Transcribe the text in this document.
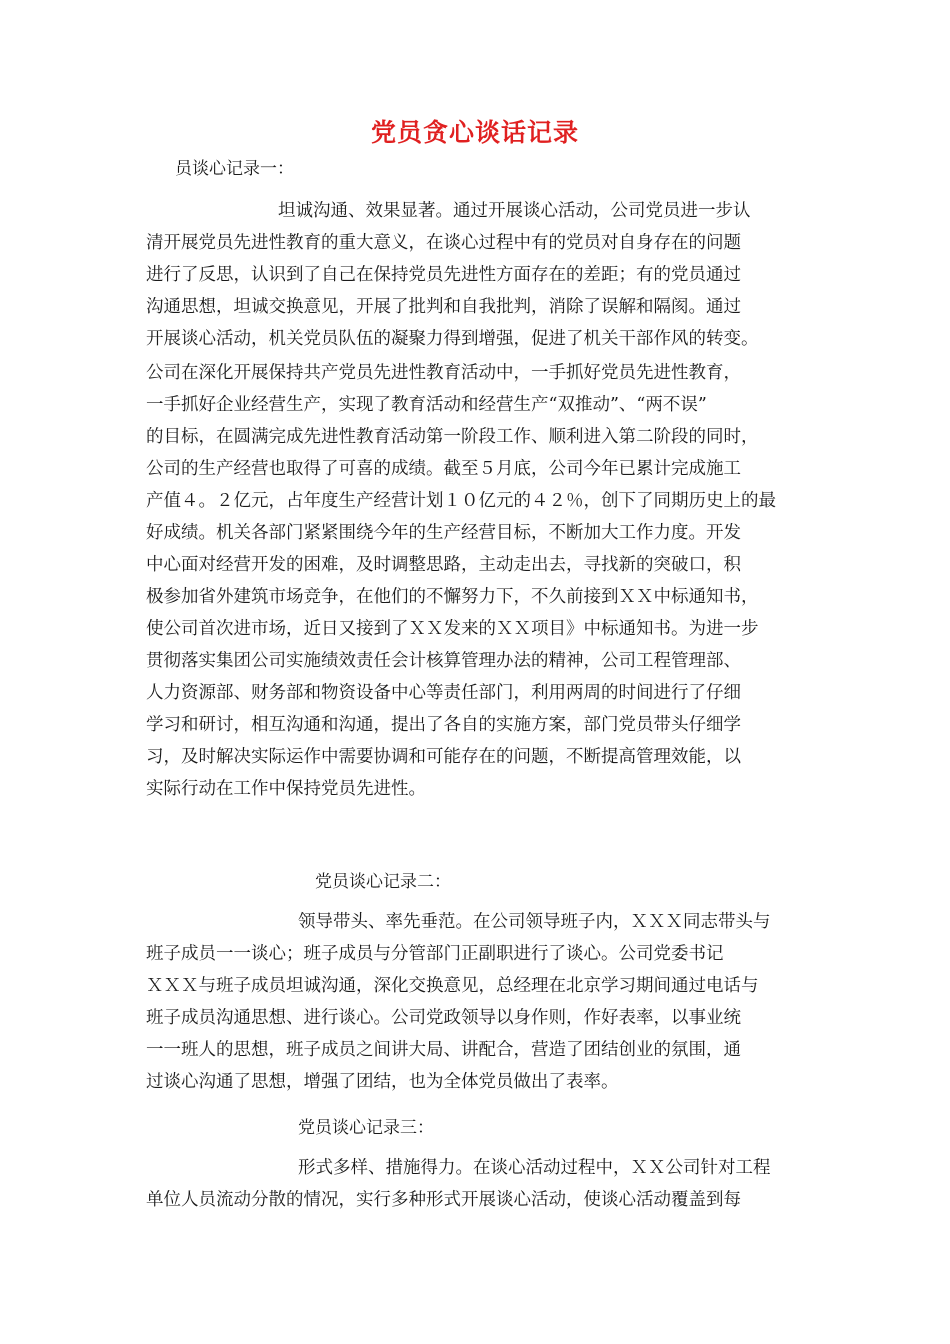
党员贪心谈话记录
员谈心记录一：
坦诚沟通、效果显著。通过开展谈心活动，公司党员进一步认
清开展党员先进性教育的重大意义，在谈心过程中有的党员对自身存在的问题
进行了反思，认识到了自己在保持党员先进性方面存在的差距；有的党员通过
沟通思想，坦诚交换意见，开展了批判和自我批判，消除了误解和隔阂。通过
开展谈心活动，机关党员队伍的凝聚力得到增强，促进了机关干部作风的转变。
公司在深化开展保持共产党员先进性教育活动中，一手抓好党员先进性教育，
一手抓好企业经营生产，实现了教育活动和经营生产“双推动”、“两不误”
的目标，在圆满完成先进性教育活动第一阶段工作、顺利进入第二阶段的同时，
公司的生产经营也取得了可喜的成绩。截至５月底，公司今年已累计完成施工
产值４。２亿元，占年度生产经营计划１０亿元的４２％，创下了同期历史上的最
好成绩。机关各部门紧紧围绕今年的生产经营目标，不断加大工作力度。开发
中心面对经营开发的困难，及时调整思路，主动走出去，寻找新的突破口，积
极参加省外建筑市场竞争，在他们的不懈努力下，不久前接到ＸＸ中标通知书，
使公司首次进市场，近日又接到了ＸＸ发来的ＸＸ项目》中标通知书。为进一步
贯彻落实集团公司实施绩效责任会计核算管理办法的精神，公司工程管理部、
人力资源部、财务部和物资设备中心等责任部门，利用两周的时间进行了仔细
学习和研讨，相互沟通和沟通，提出了各自的实施方案，部门党员带头仔细学
习，及时解决实际运作中需要协调和可能存在的问题，不断提高管理效能，以
实际行动在工作中保持党员先进性。
党员谈心记录二：
领导带头、率先垂范。在公司领导班子内，ＸＸＸ同志带头与
班子成员一一谈心；班子成员与分管部门正副职进行了谈心。公司党委书记
ＸＸＸ与班子成员坦诚沟通，深化交换意见，总经理在北京学习期间通过电话与
班子成员沟通思想、进行谈心。公司党政领导以身作则，作好表率，以事业统
一一班人的思想，班子成员之间讲大局、讲配合，营造了团结创业的氛围，通
过谈心沟通了思想，增强了团结，也为全体党员做出了表率。
党员谈心记录三：
形式多样、措施得力。在谈心活动过程中，ＸＸ公司针对工程
单位人员流动分散的情况，实行多种形式开展谈心活动，使谈心活动覆盖到每
